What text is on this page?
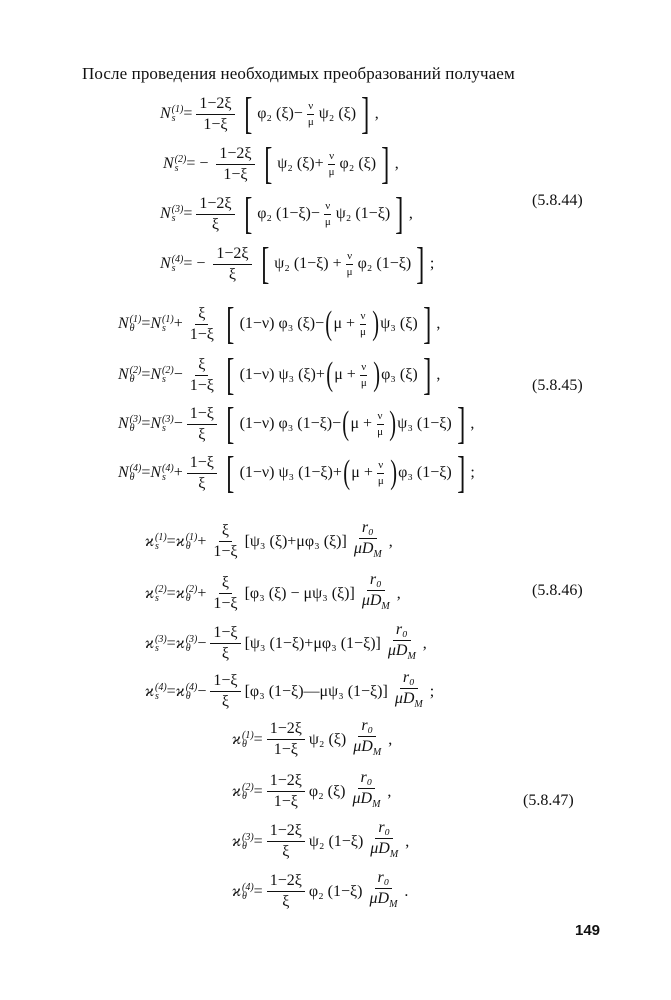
После проведения необходимых преобразований получаем
N (1)
$s = \frac{1-2\xi}{1-\xi}$ [ φ₂ $(\xi)- \frac{\nu}{\mu} \psi_2$ (ξ) ] ,
N (2)
s = − $\frac{1-2\xi}{1-\xi}$ [ ψ₂ $(\xi)+ \frac{\nu}{\mu} \varphi_2$ (ξ) ] ,
N (3)
$s = \frac{1-2\xi}{\xi}$ [ φ₂ $(1-\xi)- \frac{\nu}{\mu} \psi_2$ (1−ξ) ] ,
N (4)
s = − $\frac{1-2\xi}{\xi}$ [ ψ₂ $(1-\xi) + \frac{\nu}{\mu} \varphi_2$ (1−ξ) ] ;
(5.8.44)
N (1)
θ = N (1)
$s + \frac{\xi}{1-\xi}$ [ (1−ν) φ₃ (ξ)− ( $\mu + \frac{\nu}{\mu}$ ) ψ₃ (ξ) ] ,
N (2)
θ = N (2)
$s - \frac{\xi}{1-\xi}$ [ (1−ν) ψ₃ (ξ)+ ( $\mu + \frac{\nu}{\mu}$ ) φ₃ (ξ) ] ,
N (3)
θ = N (3)
$s - \frac{1-\xi}{\xi}$ [ (1−ν) φ₃ (1−ξ)− ( $\mu + \frac{\nu}{\mu}$ ) ψ₃ (1−ξ) ] ,
N (4)
θ = N (4)
$s + \frac{1-\xi}{\xi}$ [ (1−ν) ψ₃ (1−ξ)+ ( $\mu + \frac{\nu}{\mu}$ ) φ₃ (1−ξ) ] ;
(5.8.45)
ϰ (1)
s = ϰ (1)
$\theta + \frac{\xi}{1-\xi} [\psi_3$ (ξ)+μφ₃ $(\xi)] \frac{\text{r₀}}{\mu D_M}$ ,
ϰ (2)
s = ϰ (2)
$\theta + \frac{\xi}{1-\xi} [\varphi_3$ (ξ) − μψ₃ $(\xi)] \frac{\text{r₀}}{\mu D_M}$ ,
ϰ (3)
s = ϰ (3)
$\theta - \frac{1-\xi}{\xi} [\psi_3$ (1−ξ)+μφ₃ $(1-\xi)] \frac{\text{r₀}}{\mu D_M}$ ,
ϰ (4)
s = ϰ (4)
$\theta - \frac{1-\xi}{\xi} [\varphi_3$ (1−ξ)—μψ₃ $(1-\xi)] \frac{\text{r₀}}{\mu D_M}$ ;
(5.8.46)
ϰ (1)
$\theta = \frac{1-2\xi}{1-\xi} \psi_2$ $(\xi) \frac{\text{r₀}}{\mu D_M}$ ,
ϰ (2)
$\theta = \frac{1-2\xi}{1-\xi} \varphi_2$ $(\xi) \frac{\text{r₀}}{\mu D_M}$ ,
ϰ (3)
$\theta = \frac{1-2\xi}{\xi} \psi_2$ $(1-\xi) \frac{\text{r₀}}{\mu D_M}$ ,
ϰ (4)
$\theta = \frac{1-2\xi}{\xi} \varphi_2$ $(1-\xi) \frac{\text{r₀}}{\mu D_M}$ .
(5.8.47)
149
